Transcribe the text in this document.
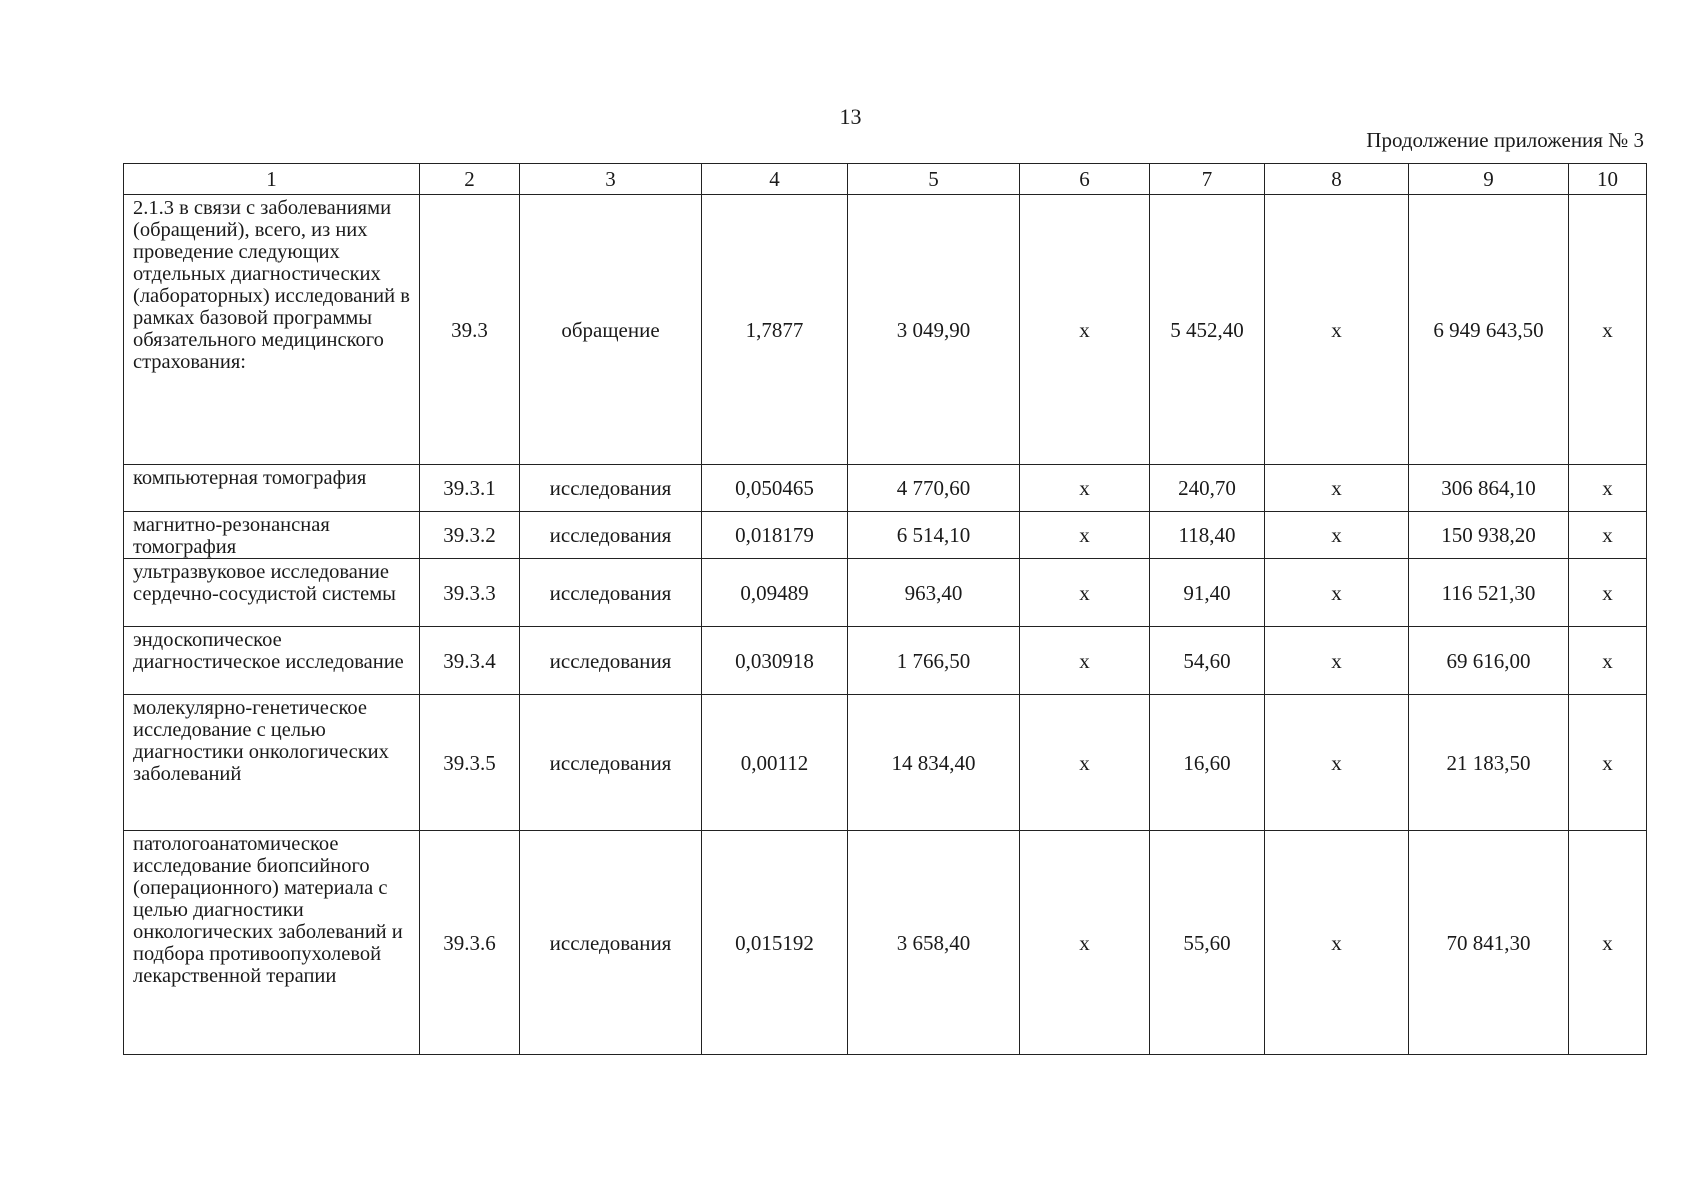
13
Продолжение приложения № 3
1	2	3	4	5	6	7	8	9	10
2.1.3 в связи с заболеваниями (обращений), всего, из них проведение следующих отдельных диагностических (лабораторных) исследований в рамках базовой программы обязательного медицинского страхования:	39.3	обращение	1,7877	3 049,90	х	5 452,40	х	6 949 643,50	х
компьютерная томография	39.3.1	исследования	0,050465	4 770,60	х	240,70	х	306 864,10	х
магнитно-резонансная томография	39.3.2	исследования	0,018179	6 514,10	х	118,40	х	150 938,20	х
ультразвуковое исследование сердечно-сосудистой системы	39.3.3	исследования	0,09489	963,40	х	91,40	х	116 521,30	х
эндоскопическое диагностическое исследование	39.3.4	исследования	0,030918	1 766,50	х	54,60	х	69 616,00	х
молекулярно-генетическое исследование с целью диагностики онкологических заболеваний	39.3.5	исследования	0,00112	14 834,40	х	16,60	х	21 183,50	х
патологоанатомическое исследование биопсийного (операционного) материала с целью диагностики онкологических заболеваний и подбора противоопухолевой лекарственной терапии	39.3.6	исследования	0,015192	3 658,40	х	55,60	х	70 841,30	х
